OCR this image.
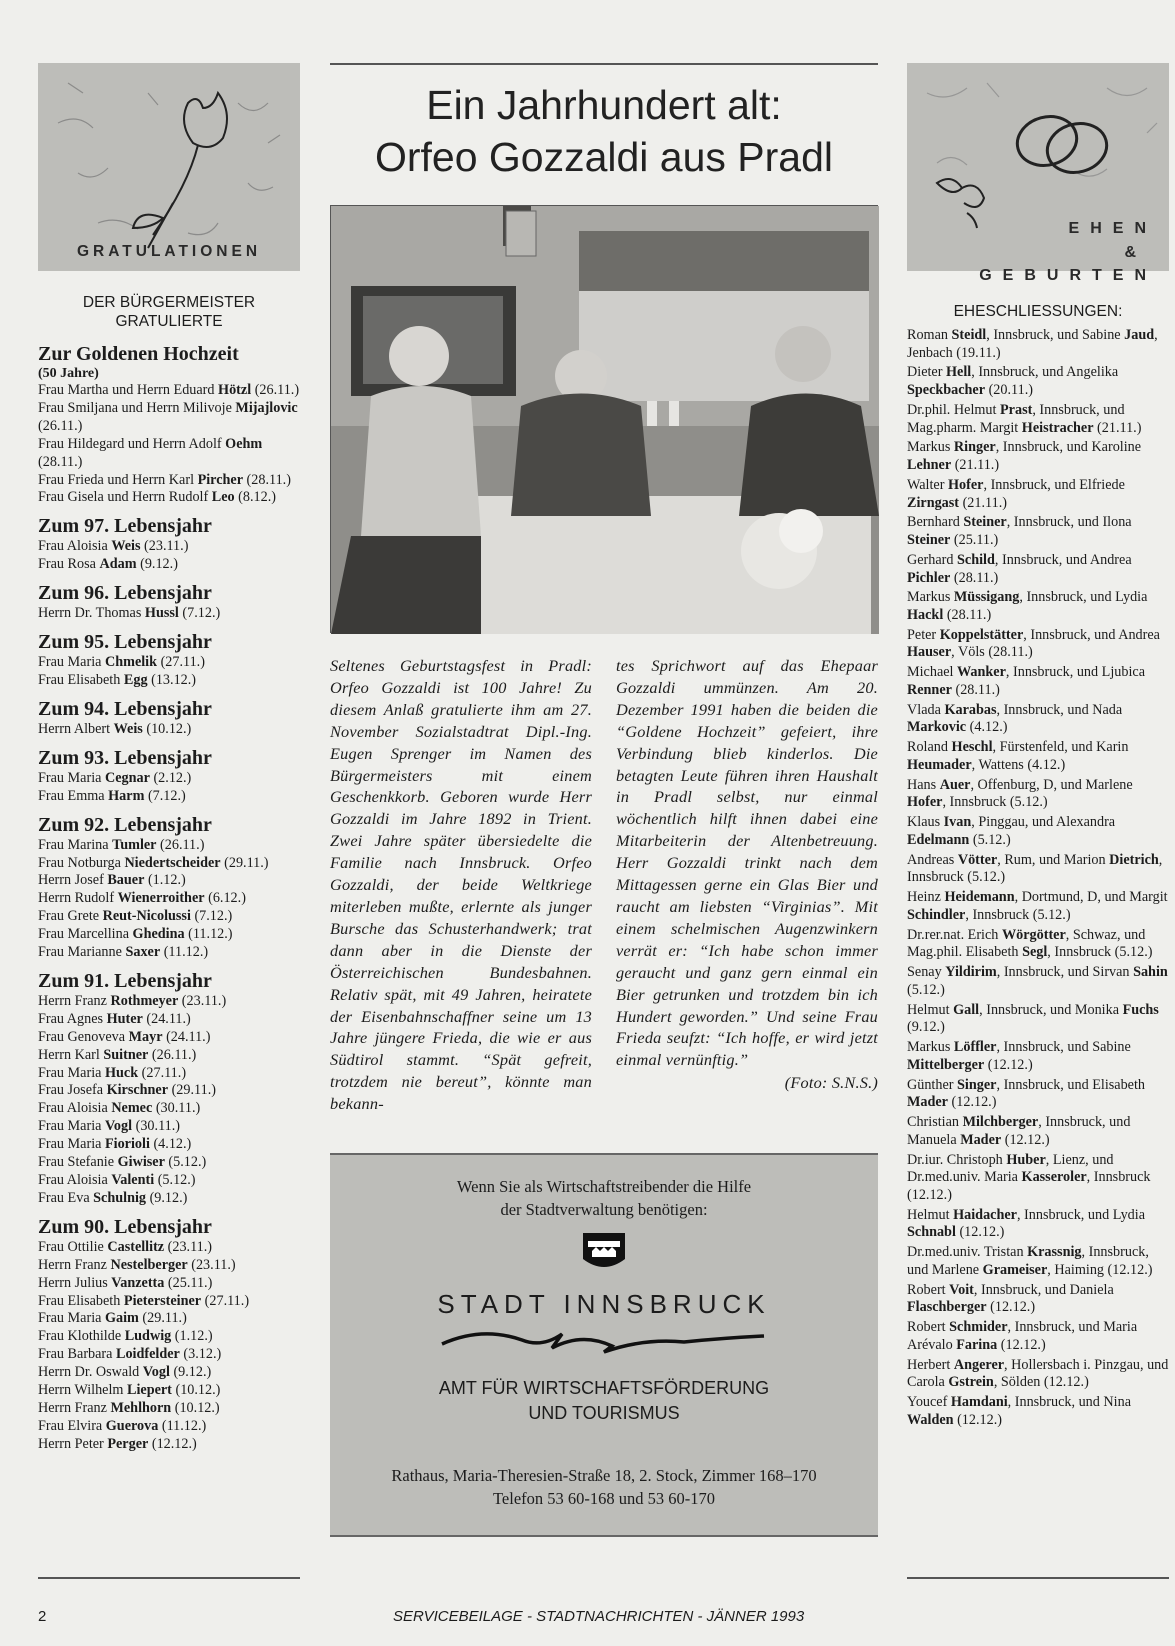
GRATULATIONEN
DER BÜRGERMEISTER GRATULIERTE
Zur Goldenen Hochzeit
(50 Jahre)
Frau Martha und Herrn Eduard Hötzl (26.11.)
Frau Smiljana und Herrn Milivoje Mijajlovic (26.11.)
Frau Hildegard und Herrn Adolf Oehm (28.11.)
Frau Frieda und Herrn Karl Pircher (28.11.)
Frau Gisela und Herrn Rudolf Leo (8.12.)
Zum 97. Lebensjahr
Frau Aloisia Weis (23.11.)
Frau Rosa Adam (9.12.)
Zum 96. Lebensjahr
Herrn Dr. Thomas Hussl (7.12.)
Zum 95. Lebensjahr
Frau Maria Chmelik (27.11.)
Frau Elisabeth Egg (13.12.)
Zum 94. Lebensjahr
Herrn Albert Weis (10.12.)
Zum 93. Lebensjahr
Frau Maria Cegnar (2.12.)
Frau Emma Harm (7.12.)
Zum 92. Lebensjahr
Frau Marina Tumler (26.11.)
Frau Notburga Niedertscheider (29.11.)
Herrn Josef Bauer (1.12.)
Herrn Rudolf Wienerroither (6.12.)
Frau Grete Reut-Nicolussi (7.12.)
Frau Marcellina Ghedina (11.12.)
Frau Marianne Saxer (11.12.)
Zum 91. Lebensjahr
Herrn Franz Rothmeyer (23.11.)
Frau Agnes Huter (24.11.)
Frau Genoveva Mayr (24.11.)
Herrn Karl Suitner (26.11.)
Frau Maria Huck (27.11.)
Frau Josefa Kirschner (29.11.)
Frau Aloisia Nemec (30.11.)
Frau Maria Vogl (30.11.)
Frau Maria Fiorioli (4.12.)
Frau Stefanie Giwiser (5.12.)
Frau Aloisia Valenti (5.12.)
Frau Eva Schulnig (9.12.)
Zum 90. Lebensjahr
Frau Ottilie Castellitz (23.11.)
Herrn Franz Nestelberger (23.11.)
Herrn Julius Vanzetta (25.11.)
Frau Elisabeth Pietersteiner (27.11.)
Frau Maria Gaim (29.11.)
Frau Klothilde Ludwig (1.12.)
Frau Barbara Loidfelder (3.12.)
Herrn Dr. Oswald Vogl (9.12.)
Herrn Wilhelm Liepert (10.12.)
Herrn Franz Mehlhorn (10.12.)
Frau Elvira Guerova (11.12.)
Herrn Peter Perger (12.12.)
Ein Jahrhundert alt:
Orfeo Gozzaldi aus Pradl
Seltenes Geburtstagsfest in Pradl: Orfeo Gozzaldi ist 100 Jahre! Zu diesem Anlaß gratulierte ihm am 27. November Sozialstadtrat Dipl.-Ing. Eugen Sprenger im Namen des Bürgermeisters mit einem Geschenkkorb. Geboren wurde Herr Gozzaldi im Jahre 1892 in Trient. Zwei Jahre später übersiedelte die Familie nach Innsbruck. Orfeo Gozzaldi, der beide Weltkriege miterleben mußte, erlernte als junger Bursche das Schusterhandwerk; trat dann aber in die Dienste der Österreichischen Bundesbahnen. Relativ spät, mit 49 Jahren, heiratete der Eisenbahnschaffner seine um 13 Jahre jüngere Frieda, die wie er aus Südtirol stammt. “Spät gefreit, trotzdem nie bereut”, könnte man bekann-
tes Sprichwort auf das Ehepaar Gozzaldi ummünzen. Am 20. Dezember 1991 haben die beiden die “Goldene Hochzeit” gefeiert, ihre Verbindung blieb kinderlos. Die betagten Leute führen ihren Haushalt in Pradl selbst, nur einmal wöchentlich hilft ihnen dabei eine Mitarbeiterin der Altenbetreuung. Herr Gozzaldi trinkt nach dem Mittagessen gerne ein Glas Bier und raucht am liebsten “Virginias”. Mit einem schelmischen Augenzwinkern verrät er: “Ich habe schon immer geraucht und ganz gern einmal ein Bier getrunken und trotzdem bin ich Hundert geworden.” Und seine Frau Frieda seufzt: “Ich hoffe, er wird jetzt einmal vernünftig.”
(Foto: S.N.S.)
Wenn Sie als Wirtschaftstreibender die Hilfe
der Stadtverwaltung benötigen:
STADT INNSBRUCK
AMT FÜR WIRTSCHAFTSFÖRDERUNG
UND TOURISMUS
Rathaus, Maria-Theresien-Straße 18, 2. Stock, Zimmer 168–170
Telefon 53 60-168 und 53 60-170
EHEN
&
GEBURTEN
EHESCHLIESSUNGEN:
Roman Steidl, Innsbruck, und Sabine Jaud, Jenbach (19.11.)
Dieter Hell, Innsbruck, und Angelika Speckbacher (20.11.)
Dr.phil. Helmut Prast, Innsbruck, und Mag.pharm. Margit Heistracher (21.11.)
Markus Ringer, Innsbruck, und Karoline Lehner (21.11.)
Walter Hofer, Innsbruck, und Elfriede Zirngast (21.11.)
Bernhard Steiner, Innsbruck, und Ilona Steiner (25.11.)
Gerhard Schild, Innsbruck, und Andrea Pichler (28.11.)
Markus Müssigang, Innsbruck, und Lydia Hackl (28.11.)
Peter Koppelstätter, Innsbruck, und Andrea Hauser, Völs (28.11.)
Michael Wanker, Innsbruck, und Ljubica Renner (28.11.)
Vlada Karabas, Innsbruck, und Nada Markovic (4.12.)
Roland Heschl, Fürstenfeld, und Karin Heumader, Wattens (4.12.)
Hans Auer, Offenburg, D, und Marlene Hofer, Innsbruck (5.12.)
Klaus Ivan, Pinggau, und Alexandra Edelmann (5.12.)
Andreas Vötter, Rum, und Marion Dietrich, Innsbruck (5.12.)
Heinz Heidemann, Dortmund, D, und Margit Schindler, Innsbruck (5.12.)
Dr.rer.nat. Erich Wörgötter, Schwaz, und Mag.phil. Elisabeth Segl, Innsbruck (5.12.)
Senay Yildirim, Innsbruck, und Sirvan Sahin (5.12.)
Helmut Gall, Innsbruck, und Monika Fuchs (9.12.)
Markus Löffler, Innsbruck, und Sabine Mittelberger (12.12.)
Günther Singer, Innsbruck, und Elisabeth Mader (12.12.)
Christian Milchberger, Innsbruck, und Manuela Mader (12.12.)
Dr.iur. Christoph Huber, Lienz, und Dr.med.univ. Maria Kasseroler, Innsbruck (12.12.)
Helmut Haidacher, Innsbruck, und Lydia Schnabl (12.12.)
Dr.med.univ. Tristan Krassnig, Innsbruck, und Marlene Grameiser, Haiming (12.12.)
Robert Voit, Innsbruck, und Daniela Flaschberger (12.12.)
Robert Schmider, Innsbruck, und Maria Arévalo Farina (12.12.)
Herbert Angerer, Hollersbach i. Pinzgau, und Carola Gstrein, Sölden (12.12.)
Youcef Hamdani, Innsbruck, und Nina Walden (12.12.)
2	SERVICEBEILAGE - STADTNACHRICHTEN - JÄNNER 1993
